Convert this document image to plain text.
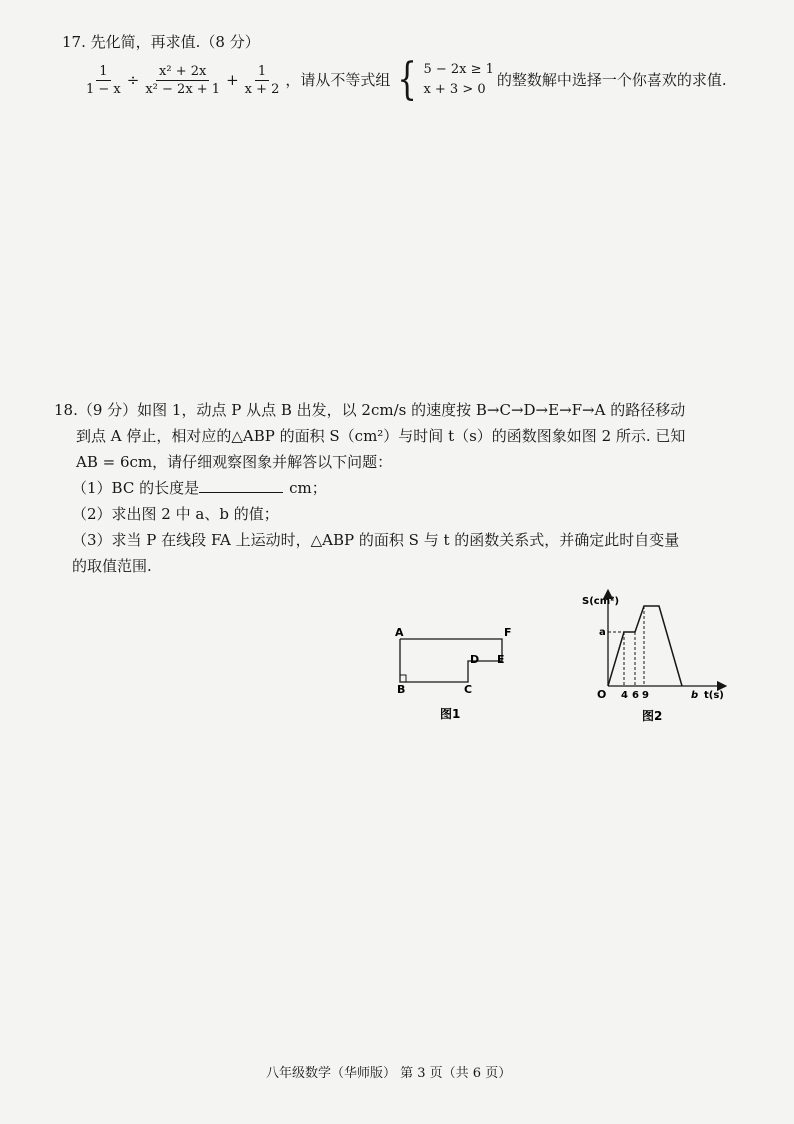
17. 先化简，再求值.（8 分）
$\frac{1}{1 - x} \div \frac{\text{x² + 2x}}{\text{x² − 2x + 1}} + \frac{1}{x + 2}$ ，请从不等式组 { 5 − 2x ≥ 1
x + 3 > 0
的整数解中选择一个你喜欢的求值.
18.（9 分）如图 1，动点 P 从点 B 出发，以 2cm/s 的速度按 B→C→D→E→F→A 的路径移动
到点 A 停止，相对应的△ABP 的面积 S（cm²）与时间 t（s）的函数图象如图 2 所示. 已知
AB = 6cm，请仔细观察图象并解答以下问题：
（1）BC 的长度是	cm；
（2）求出图 2 中 a、b 的值；
（3）求当 P 在线段 FA 上运动时，△ABP 的面积 S 与 t 的函数关系式，并确定此时自变量
的取值范围.
A
B	C
D E
F
图1
S(cm²)
a
O 4 6 9	b t(s)
图2
八年级数学（华师版） 第 3 页（共 6 页）
